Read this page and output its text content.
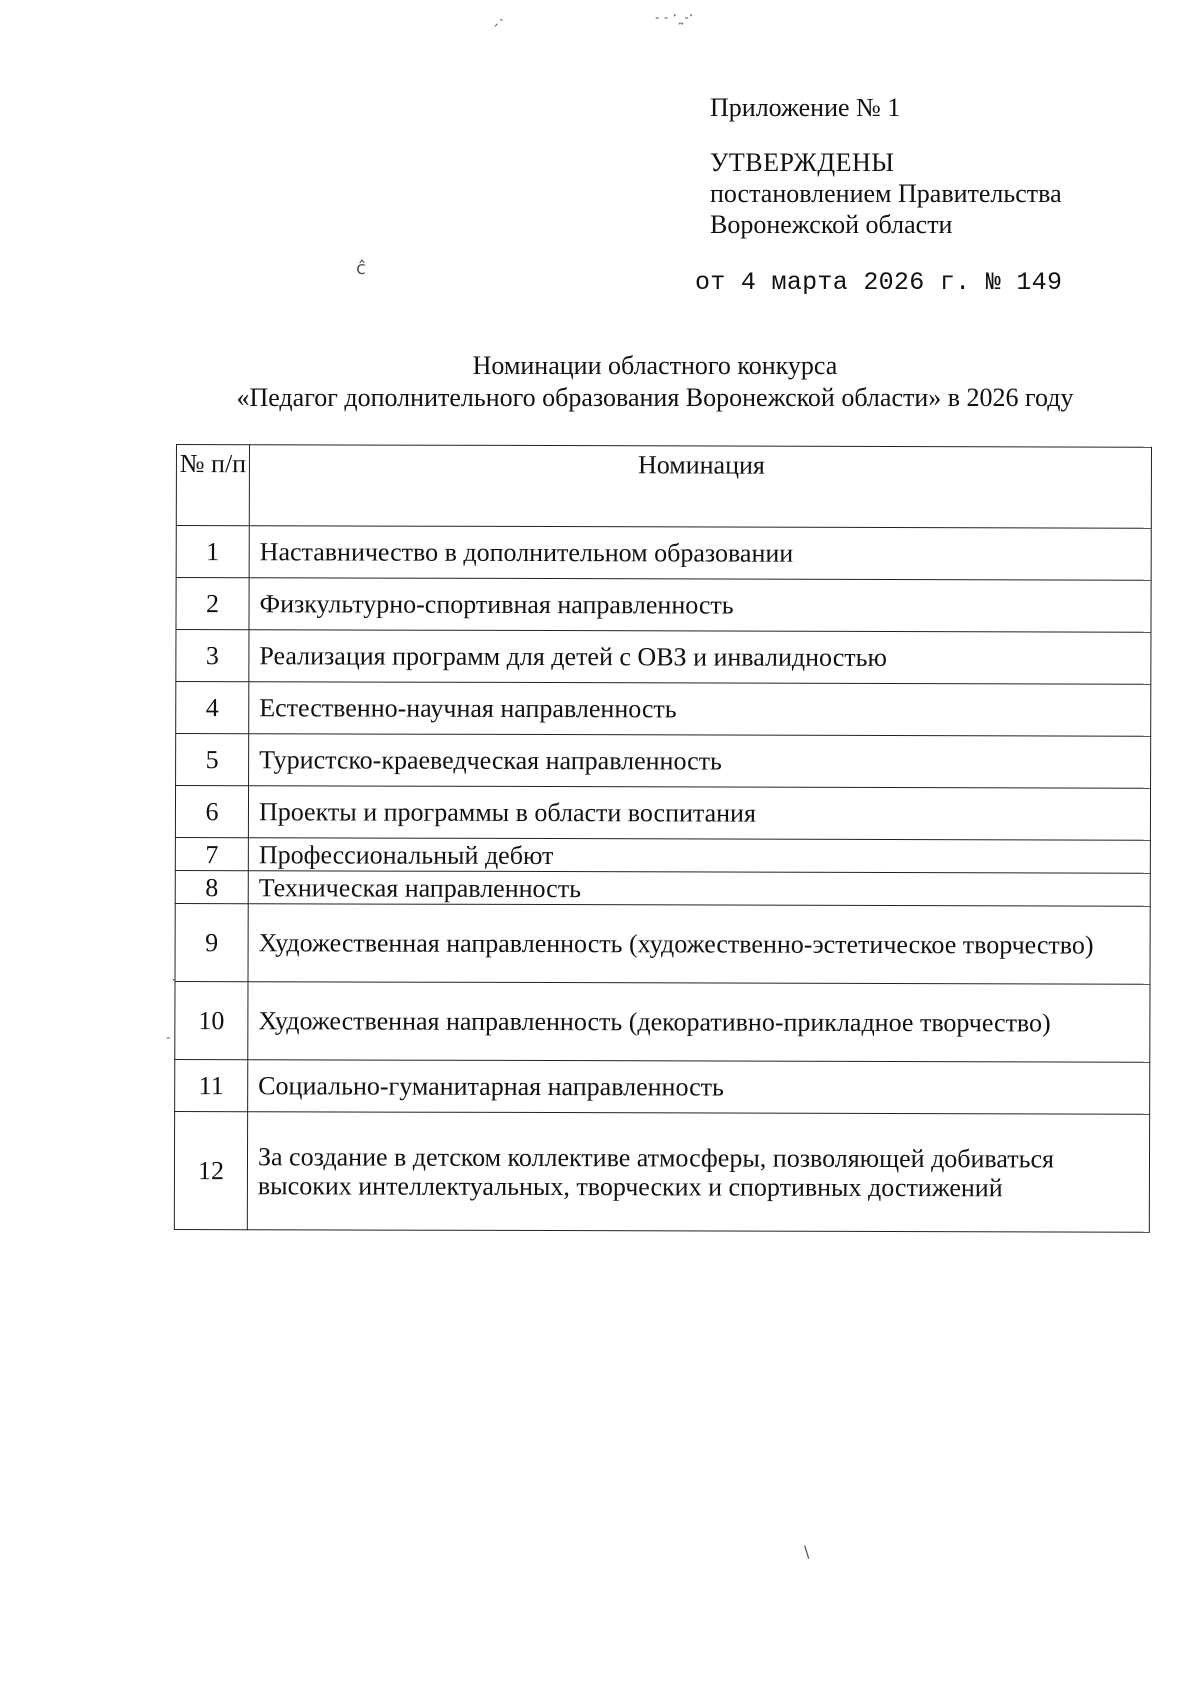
ˏ˴	˗ ˗ ˑ˷˗ˑ
ĉ
˙
˗
\
Приложение № 1
УТВЕРЖДЕНЫ
постановлением Правительства
Воронежской области
от 4 марта 2026 г. № 149
Номинации областного конкурса
«Педагог дополнительного образования Воронежской области» в 2026 году
№ п/п	Номинация
1	Наставничество в дополнительном образовании
2	Физкультурно-спортивная направленность
3	Реализация программ для детей с ОВЗ и инвалидностью
4	Естественно-научная направленность
5	Туристско-краеведческая направленность
6	Проекты и программы в области воспитания
7	Профессиональный дебют
8	Техническая направленность
9	Художественная направленность (художественно-эстетическое творчество)
10	Художественная направленность (декоративно-прикладное творчество)
11	Социально-гуманитарная направленность
12	За создание в детском коллективе атмосферы, позволяющей добиваться высоких интеллектуальных, творческих и спортивных достижений
